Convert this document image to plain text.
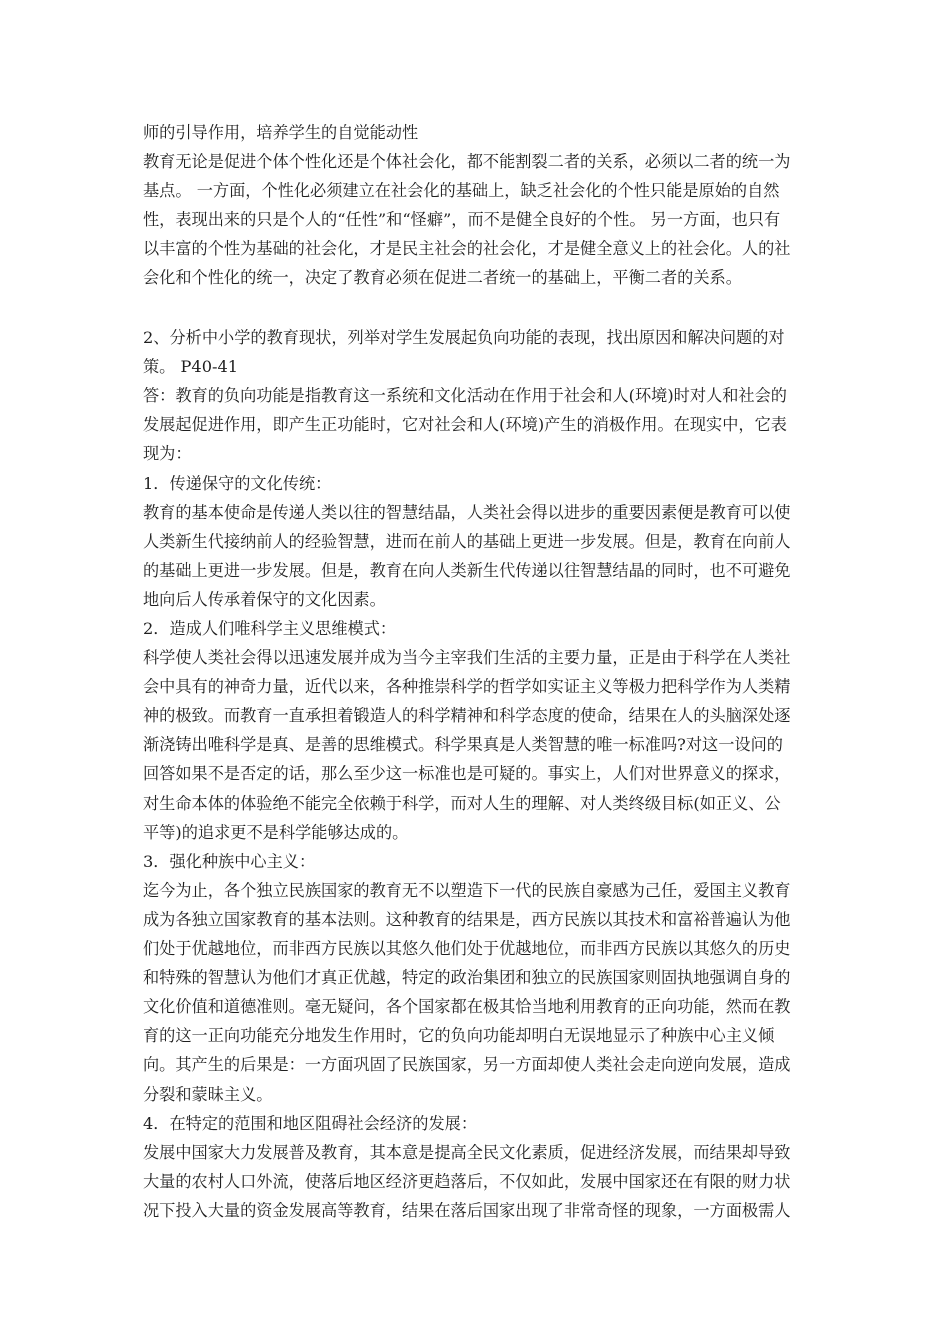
师的引导作用，培养学生的自觉能动性
教育无论是促进个体个性化还是个体社会化，都不能割裂二者的关系，必须以二者的统一为
基点。 一方面，个性化必须建立在社会化的基础上，缺乏社会化的个性只能是原始的自然
性，表现出来的只是个人的“任性”和“怪癖”，而不是健全良好的个性。 另一方面，也只有
以丰富的个性为基础的社会化，才是民主社会的社会化，才是健全意义上的社会化。人的社
会化和个性化的统一，决定了教育必须在促进二者统一的基础上，平衡二者的关系。
2、分析中小学的教育现状，列举对学生发展起负向功能的表现，找出原因和解决问题的对
策。 P40-41
答：教育的负向功能是指教育这一系统和文化活动在作用于社会和人(环境)时对人和社会的
发展起促进作用，即产生正功能时，它对社会和人(环境)产生的消极作用。在现实中，它表
现为：
1．传递保守的文化传统：
教育的基本使命是传递人类以往的智慧结晶，人类社会得以进步的重要因素便是教育可以使
人类新生代接纳前人的经验智慧，进而在前人的基础上更进一步发展。但是，教育在向前人
的基础上更进一步发展。但是，教育在向人类新生代传递以往智慧结晶的同时，也不可避免
地向后人传承着保守的文化因素。
2．造成人们唯科学主义思维模式：
科学使人类社会得以迅速发展并成为当今主宰我们生活的主要力量，正是由于科学在人类社
会中具有的神奇力量，近代以来，各种推崇科学的哲学如实证主义等极力把科学作为人类精
神的极致。而教育一直承担着锻造人的科学精神和科学态度的使命，结果在人的头脑深处逐
渐浇铸出唯科学是真、是善的思维模式。科学果真是人类智慧的唯一标准吗?对这一设问的
回答如果不是否定的话，那么至少这一标准也是可疑的。事实上，人们对世界意义的探求，
对生命本体的体验绝不能完全依赖于科学，而对人生的理解、对人类终级目标(如正义、公
平等)的追求更不是科学能够达成的。
3．强化种族中心主义：
迄今为止，各个独立民族国家的教育无不以塑造下一代的民族自豪感为己任，爱国主义教育
成为各独立国家教育的基本法则。这种教育的结果是，西方民族以其技术和富裕普遍认为他
们处于优越地位，而非西方民族以其悠久他们处于优越地位，而非西方民族以其悠久的历史
和特殊的智慧认为他们才真正优越，特定的政治集团和独立的民族国家则固执地强调自身的
文化价值和道德准则。毫无疑问，各个国家都在极其恰当地利用教育的正向功能，然而在教
育的这一正向功能充分地发生作用时，它的负向功能却明白无误地显示了种族中心主义倾
向。其产生的后果是：一方面巩固了民族国家，另一方面却使人类社会走向逆向发展，造成
分裂和蒙昧主义。
4．在特定的范围和地区阻碍社会经济的发展：
发展中国家大力发展普及教育，其本意是提高全民文化素质，促进经济发展，而结果却导致
大量的农村人口外流，使落后地区经济更趋落后，不仅如此，发展中国家还在有限的财力状
况下投入大量的资金发展高等教育，结果在落后国家出现了非常奇怪的现象，一方面极需人
